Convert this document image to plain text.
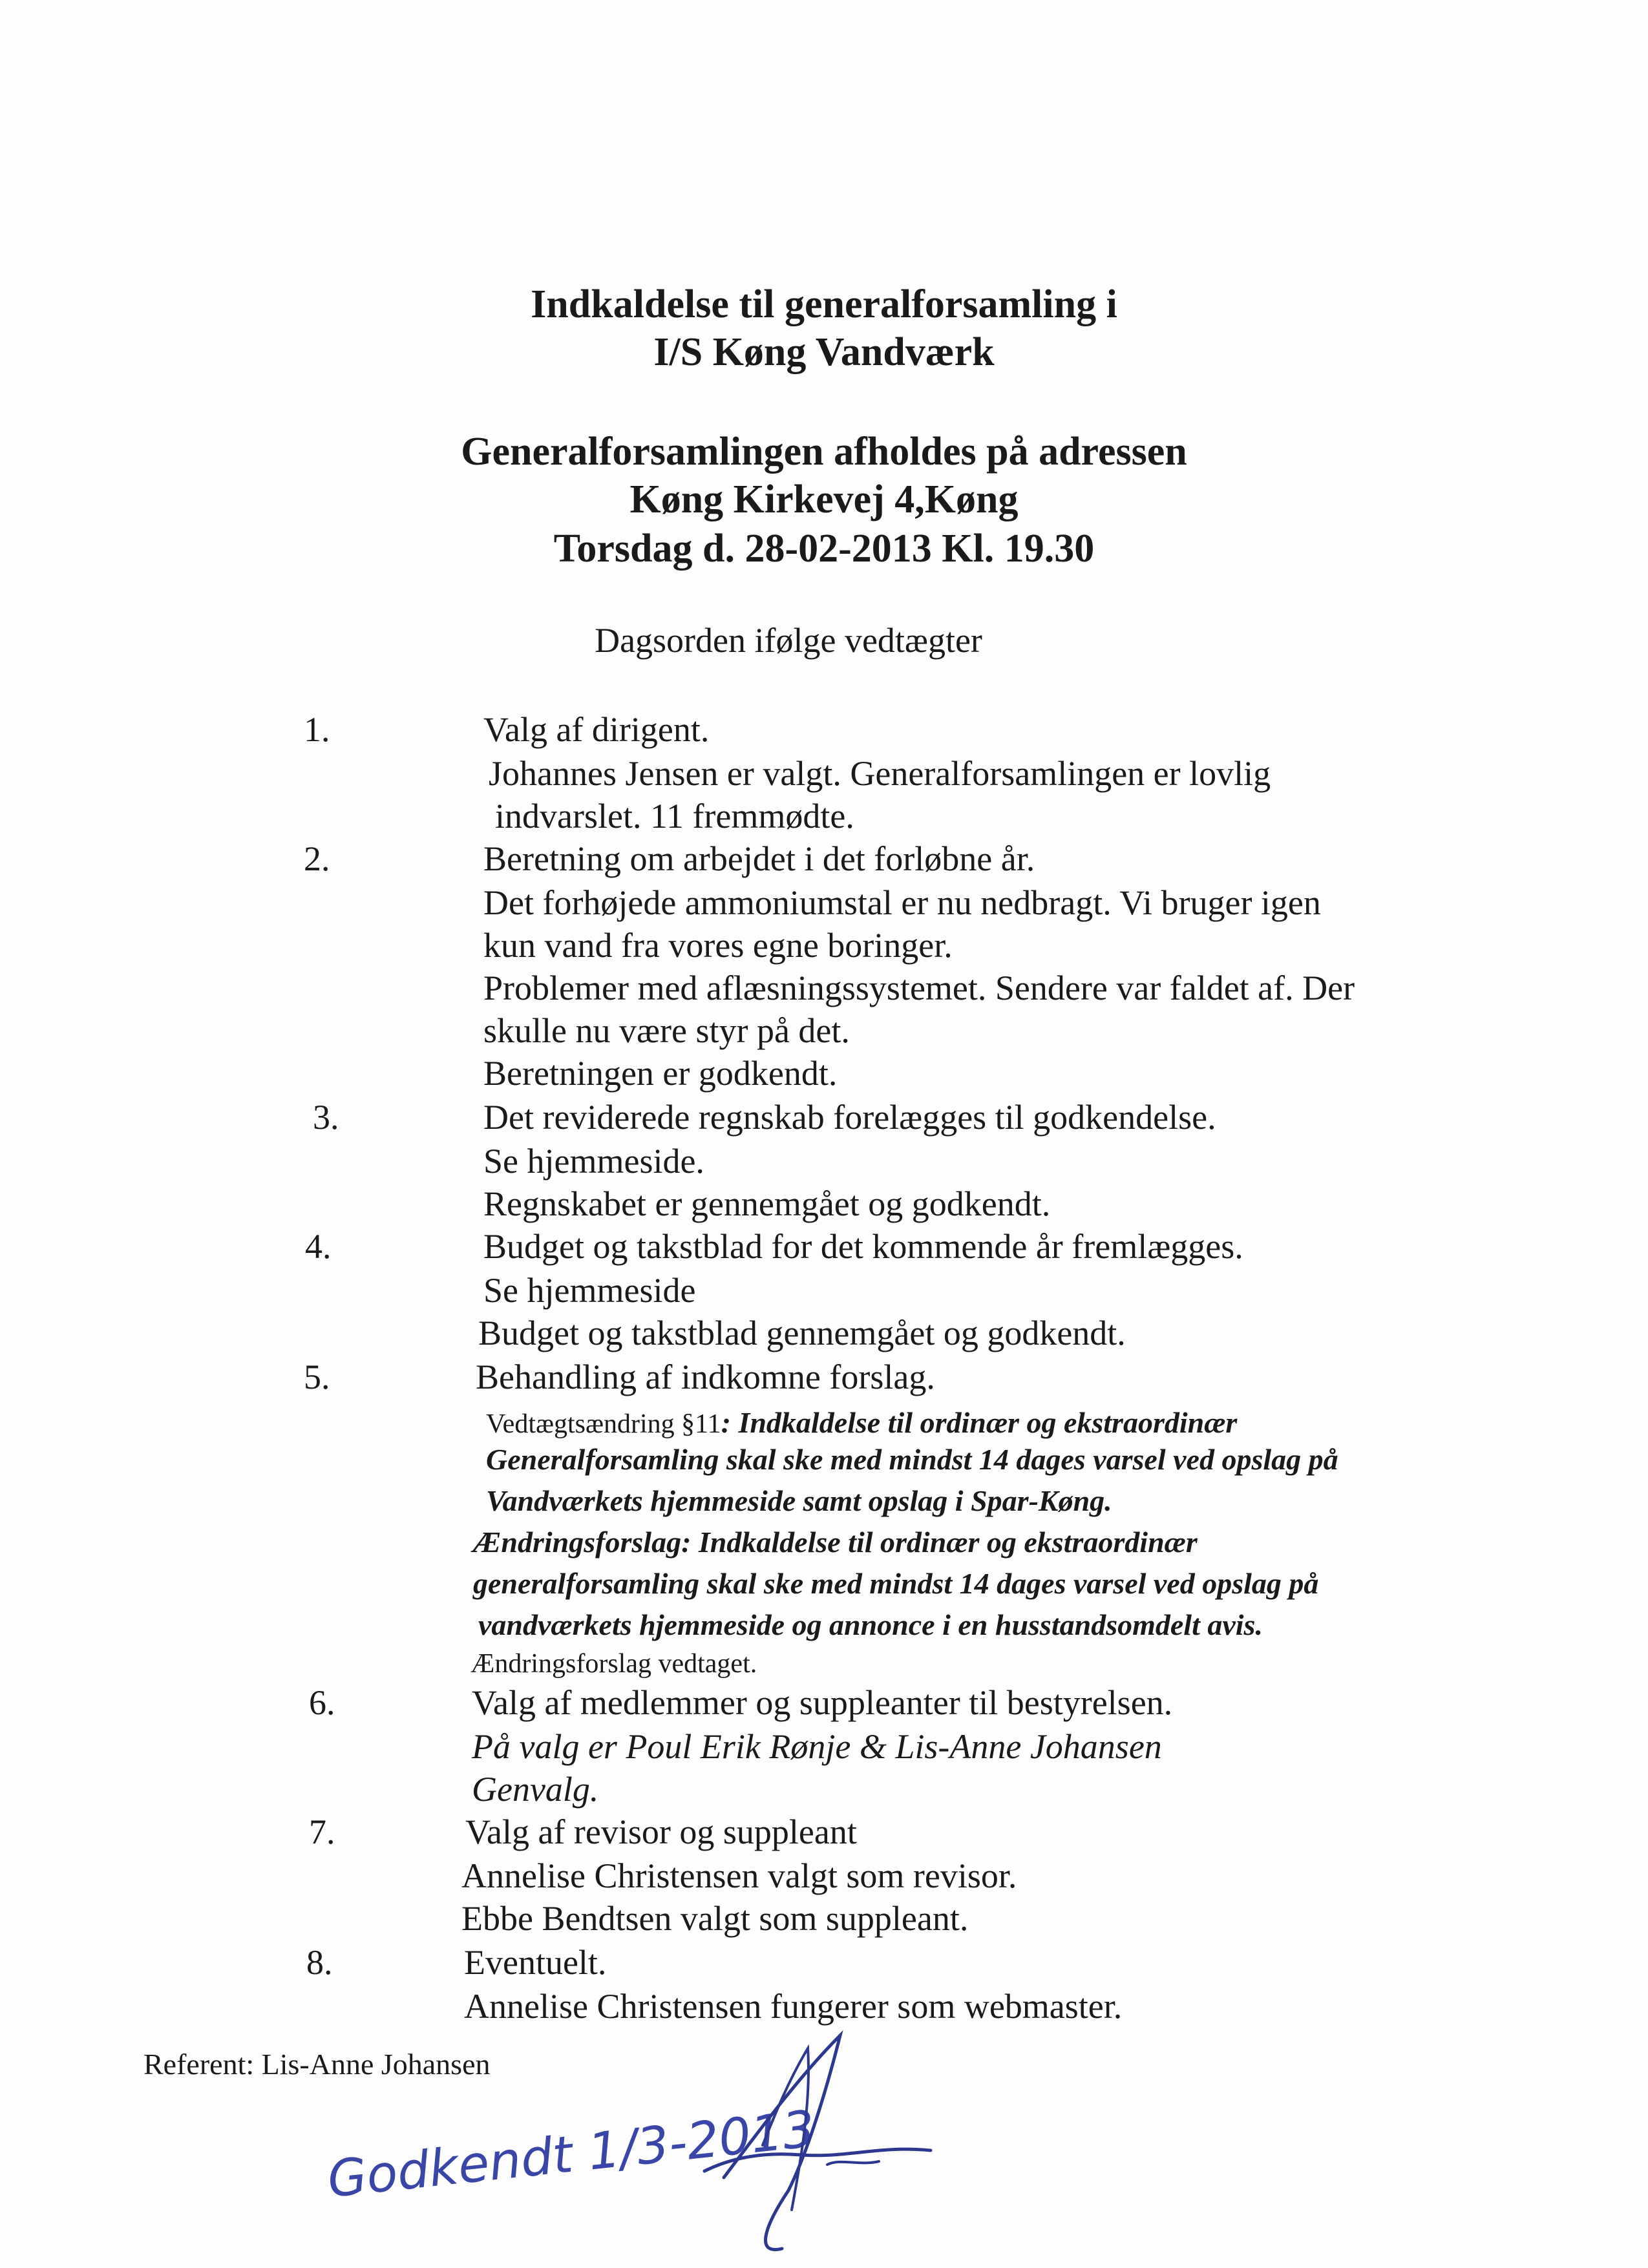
Indkaldelse til generalforsamling i
I/S Køng Vandværk
Generalforsamlingen afholdes på adressen
Køng Kirkevej 4,Køng
Torsdag d. 28-02-2013 Kl. 19.30
Dagsorden ifølge vedtægter
1.	Valg af dirigent.
Johannes Jensen er valgt. Generalforsamlingen er lovlig
indvarslet. 11 fremmødte.
2.	Beretning om arbejdet i det forløbne år.
Det forhøjede ammoniumstal er nu nedbragt. Vi bruger igen
kun vand fra vores egne boringer.
Problemer med aflæsningssystemet. Sendere var faldet af. Der
skulle nu være styr på det.
Beretningen er godkendt.
3.	Det reviderede regnskab forelægges til godkendelse.
Se hjemmeside.
Regnskabet er gennemgået og godkendt.
4.	Budget og takstblad for det kommende år fremlægges.
Se hjemmeside
Budget og takstblad gennemgået og godkendt.
5.	Behandling af indkomne forslag.
Vedtægtsændring §11: Indkaldelse til ordinær og ekstraordinær
Generalforsamling skal ske med mindst 14 dages varsel ved opslag på
Vandværkets hjemmeside samt opslag i Spar-Køng.
Ændringsforslag: Indkaldelse til ordinær og ekstraordinær
generalforsamling skal ske med mindst 14 dages varsel ved opslag på
vandværkets hjemmeside og annonce i en husstandsomdelt avis.
Ændringsforslag vedtaget.
6.	Valg af medlemmer og suppleanter til bestyrelsen.
På valg er Poul Erik Rønje & Lis-Anne Johansen
Genvalg.
7.	Valg af revisor og suppleant
Annelise Christensen valgt som revisor.
Ebbe Bendtsen valgt som suppleant.
8.	Eventuelt.
Annelise Christensen fungerer som webmaster.
Referent: Lis-Anne Johansen
Godkendt 1/3-2013
